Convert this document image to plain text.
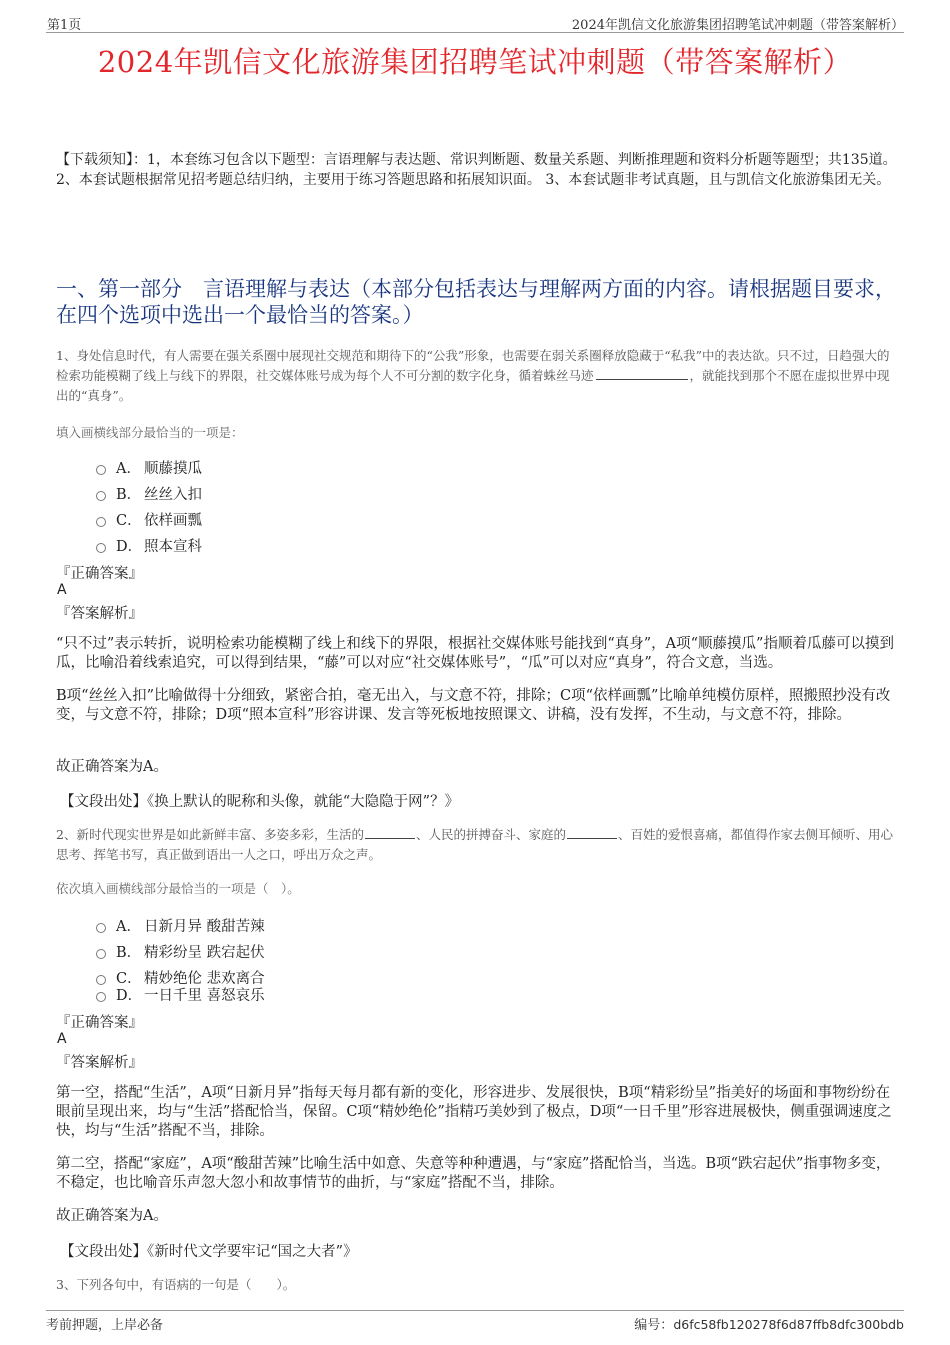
第1页	2024年凯信文化旅游集团招聘笔试冲刺题（带答案解析）
2024年凯信文化旅游集团招聘笔试冲刺题（带答案解析）
【下载须知】：1，本套练习包含以下题型：言语理解与表达题、常识判断题、数量关系题、判断推理题和资料分析题等题型；共135道。 2、本套试题根据常见招考题总结归纳，主要用于练习答题思路和拓展知识面。 3、本套试题非考试真题，且与凯信文化旅游集团无关。
一、第一部分　言语理解与表达（本部分包括表达与理解两方面的内容。请根据题目要求，在四个选项中选出一个最恰当的答案。）
1、身处信息时代，有人需要在强关系圈中展现社交规范和期待下的“公我”形象，也需要在弱关系圈释放隐藏于“私我”中的表达欲。只不过，日趋强大的检索功能模糊了线上与线下的界限，社交媒体账号成为每个人不可分割的数字化身，循着蛛丝马迹	，就能找到那个不愿在虚拟世界中现出的“真身”。
填入画横线部分最恰当的一项是：
A． 顺藤摸瓜
B． 丝丝入扣
C． 依样画瓢
D． 照本宣科
『正确答案』
A
『答案解析』
“只不过”表示转折，说明检索功能模糊了线上和线下的界限，根据社交媒体账号能找到“真身”，A项“顺藤摸瓜”指顺着瓜藤可以摸到瓜，比喻沿着线索追究，可以得到结果，“藤”可以对应“社交媒体账号”，“瓜”可以对应“真身”，符合文意，当选。
B项“丝丝入扣”比喻做得十分细致，紧密合拍，毫无出入，与文意不符，排除；C项“依样画瓢”比喻单纯模仿原样，照搬照抄没有改变，与文意不符，排除；D项“照本宣科”形容讲课、发言等死板地按照课文、讲稿，没有发挥，不生动，与文意不符，排除。
故正确答案为A。
【文段出处】《换上默认的昵称和头像，就能“大隐隐于网”？》
2、新时代现实世界是如此新鲜丰富、多姿多彩，生活的	、人民的拼搏奋斗、家庭的	、百姓的爱恨喜痛，都值得作家去侧耳倾听、用心思考、挥笔书写，真正做到语出一人之口，呼出万众之声。
依次填入画横线部分最恰当的一项是（　）。
A． 日新月异 酸甜苦辣
B． 精彩纷呈 跌宕起伏
C． 精妙绝伦 悲欢离合
D． 一日千里 喜怒哀乐
『正确答案』
A
『答案解析』
第一空，搭配“生活”，A项“日新月异”指每天每月都有新的变化，形容进步、发展很快，B项“精彩纷呈”指美好的场面和事物纷纷在眼前呈现出来，均与“生活”搭配恰当，保留。C项“精妙绝伦”指精巧美妙到了极点，D项“一日千里”形容进展极快，侧重强调速度之快，均与“生活”搭配不当，排除。
第二空，搭配“家庭”，A项“酸甜苦辣”比喻生活中如意、失意等种种遭遇，与“家庭”搭配恰当，当选。B项“跌宕起伏”指事物多变，不稳定，也比喻音乐声忽大忽小和故事情节的曲折，与“家庭”搭配不当，排除。
故正确答案为A。
【文段出处】《新时代文学要牢记“国之大者”》
3、下列各句中，有语病的一句是（　　）。
考前押题，上岸必备	编号：d6fc58fb120278f6d87ffb8dfc300bdb
